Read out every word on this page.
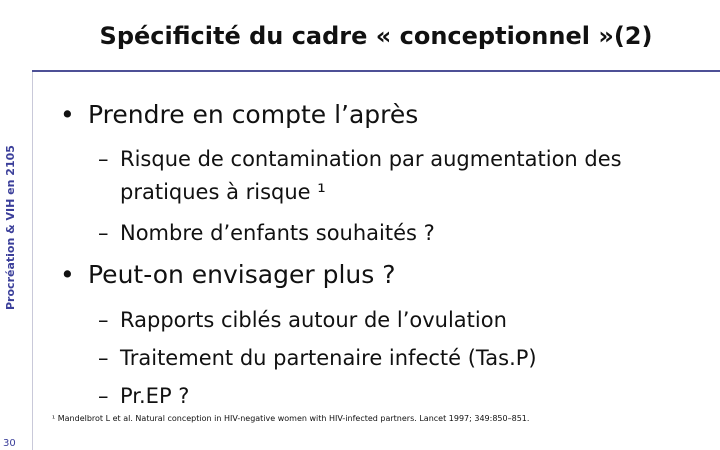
Procréation & VIH en 2105
Spécificité du cadre « conceptionnel »(2)
• Prendre en compte l’après
– Risque de contamination par augmentation des
pratiques à risque ¹
– Nombre d’enfants souhaités ?
• Peut-on envisager plus ?
– Rapports ciblés autour de l’ovulation
– Traitement du partenaire infecté (Tas.P)
– Pr.EP ?
¹ Mandelbrot L et al. Natural conception in HIV-negative women with HIV-infected partners. Lancet 1997; 349:850–851.
30
